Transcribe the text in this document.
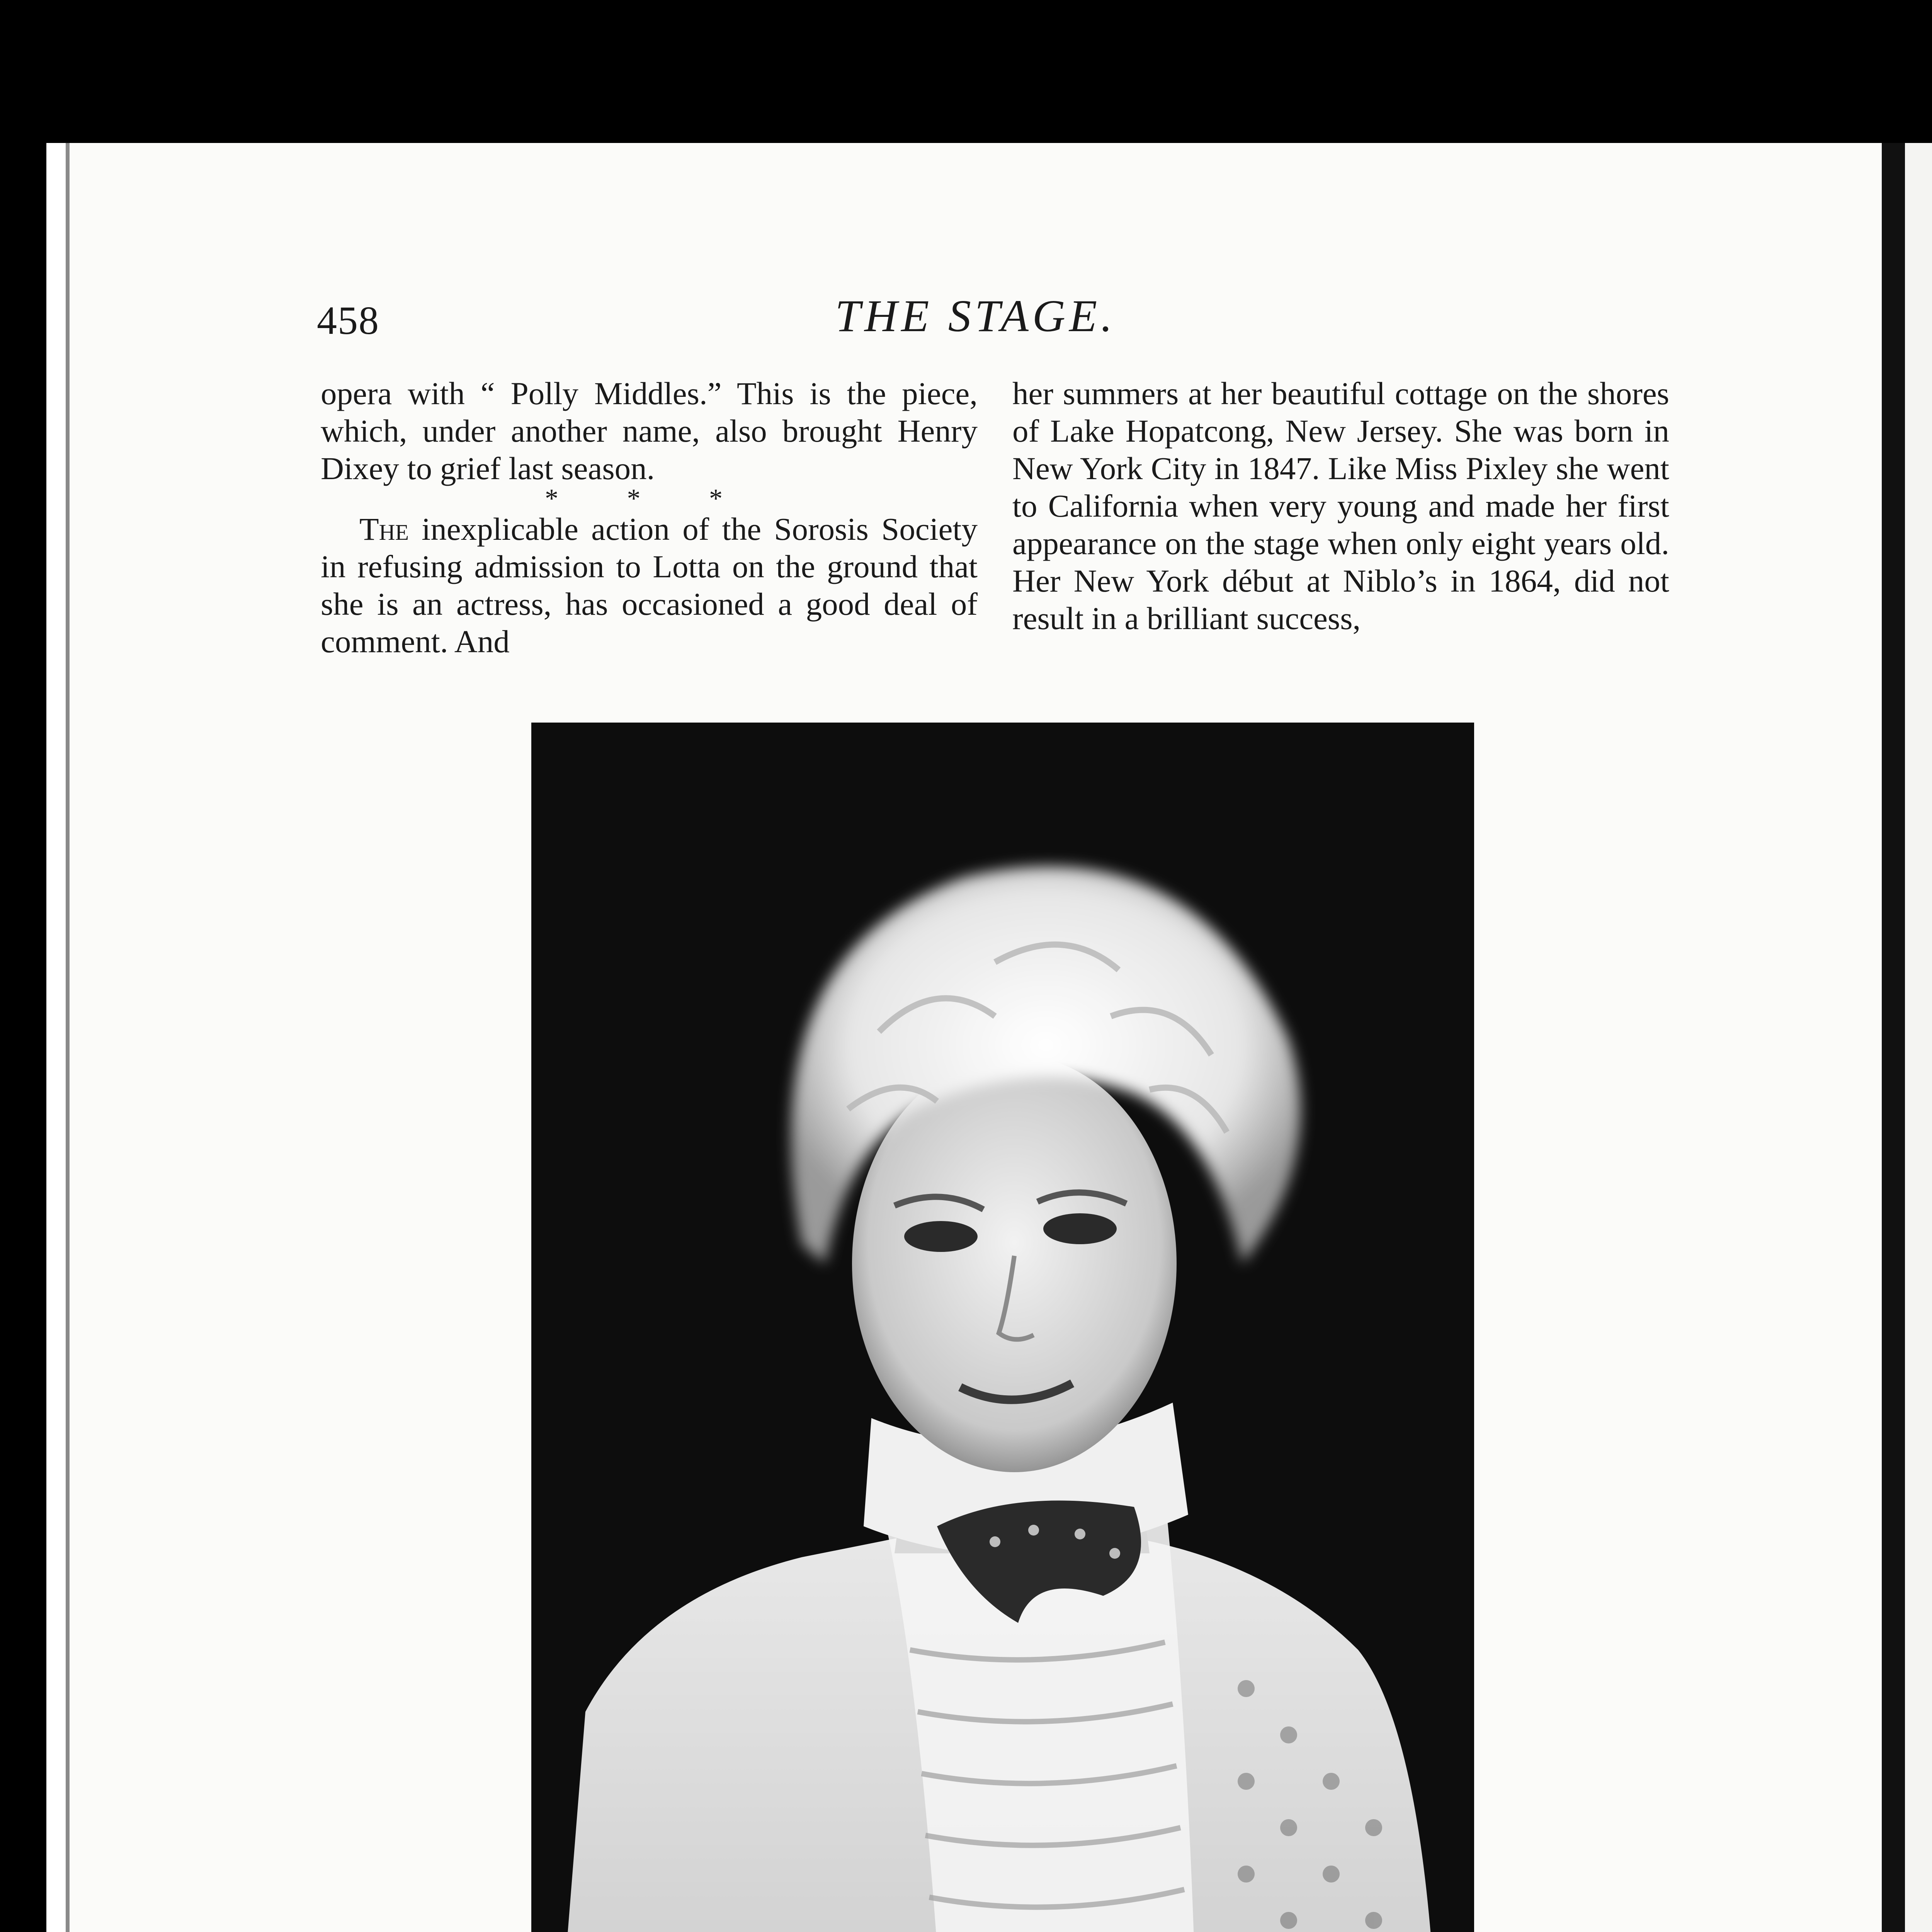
458	THE STAGE.

opera with “ Polly Middles.” This is the piece, which, under another name, also brought Henry Dixey to grief last season.

* * *

The inexplicable action of the Sorosis Society in refusing admission to Lotta on the ground that she is an actress, has occasioned a good deal of comment. And

her summers at her beautiful cottage on the shores of Lake Hopatcong, New Jersey. She was born in New York City in 1847. Like Miss Pixley she went to California when very young and made her first appearance on the stage when only eight years old. Her New York début at Niblo’s in 1864, did not result in a brilliant success,
